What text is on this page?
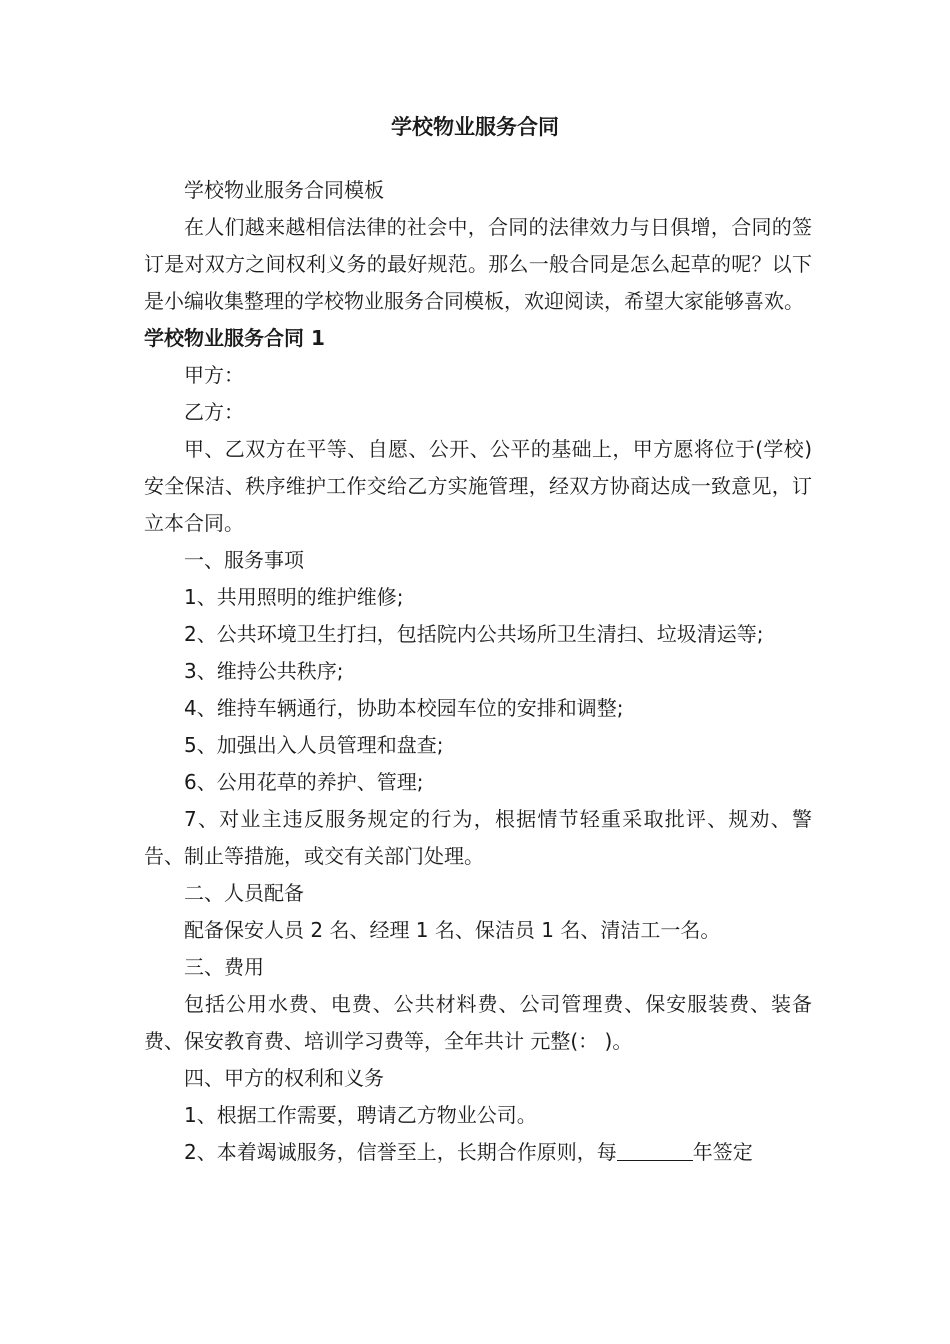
学校物业服务合同

学校物业服务合同模板

在人们越来越相信法律的社会中，合同的法律效力与日俱增，合同的签订是对双方之间权利义务的最好规范。那么一般合同是怎么起草的呢？以下是小编收集整理的学校物业服务合同模板，欢迎阅读，希望大家能够喜欢。

学校物业服务合同 1

甲方：

乙方：

甲、乙双方在平等、自愿、公开、公平的基础上，甲方愿将位于(学校)安全保洁、秩序维护工作交给乙方实施管理，经双方协商达成一致意见，订立本合同。

一、服务事项

1、共用照明的维护维修;

2、公共环境卫生打扫，包括院内公共场所卫生清扫、垃圾清运等;

3、维持公共秩序;

4、维持车辆通行，协助本校园车位的安排和调整;

5、加强出入人员管理和盘查;

6、公用花草的养护、管理;

7、对业主违反服务规定的行为，根据情节轻重采取批评、规劝、警告、制止等措施，或交有关部门处理。

二、人员配备

配备保安人员 2 名、经理 1 名、保洁员 1 名、清洁工一名。

三、费用

包括公用水费、电费、公共材料费、公司管理费、保安服装费、装备费、保安教育费、培训学习费等，全年共计 元整(： )。

四、甲方的权利和义务

1、根据工作需要，聘请乙方物业公司。

2、本着竭诚服务，信誉至上，长期合作原则，每	年签定
